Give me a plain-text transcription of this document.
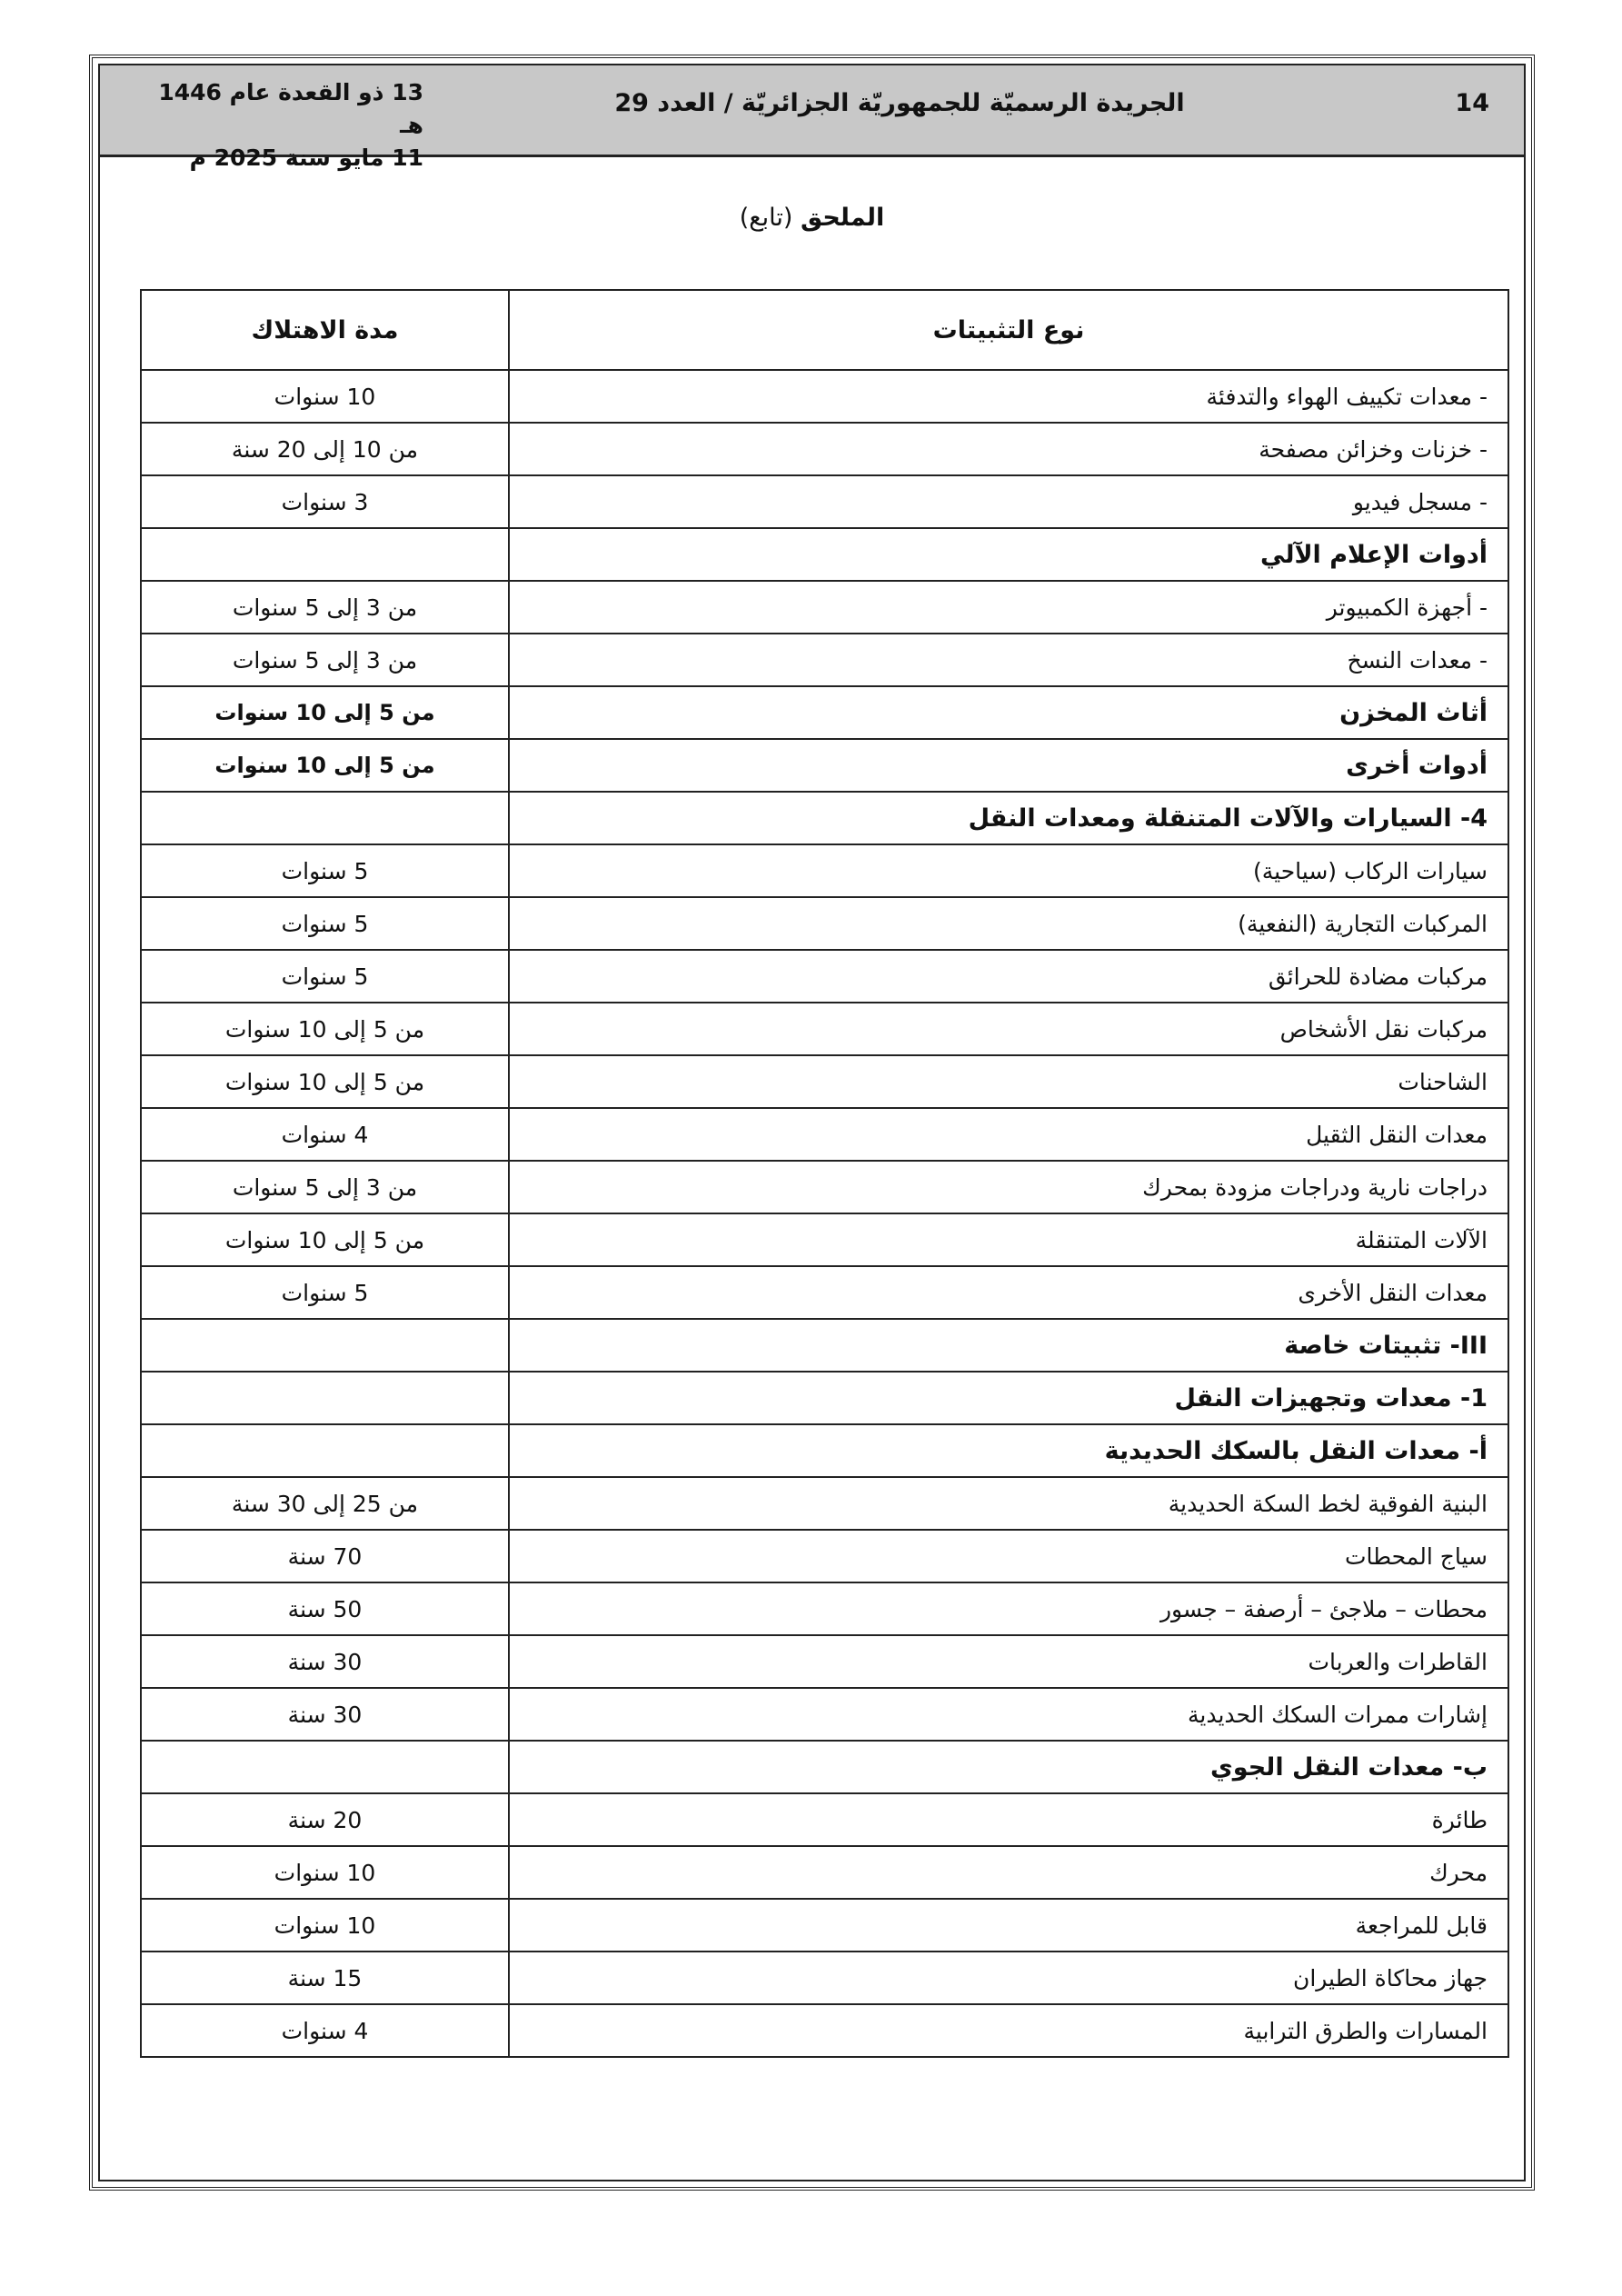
13 ذو القعدة عام 1446 هـ
11 مايو سنة 2025 م
الجريدة الرسميّة للجمهوريّة الجزائريّة / العدد 29	14
الملحق (تابع)
نوع التثبيتات	مدة الاهتلاك
- معدات تكييف الهواء والتدفئة	10 سنوات
- خزنات وخزائن مصفحة	من 10 إلى 20 سنة
- مسجل فيديو	3 سنوات
أدوات الإعلام الآلي	
- أجهزة الكمبيوتر	من 3 إلى 5 سنوات
- معدات النسخ	من 3 إلى 5 سنوات
أثاث المخزن	من 5 إلى 10 سنوات
أدوات أخرى	من 5 إلى 10 سنوات
4- السيارات والآلات المتنقلة ومعدات النقل	
سيارات الركاب (سياحية)	5 سنوات
المركبات التجارية (النفعية)	5 سنوات
مركبات مضادة للحرائق	5 سنوات
مركبات نقل الأشخاص	من 5 إلى 10 سنوات
الشاحنات	من 5 إلى 10 سنوات
معدات النقل الثقيل	4 سنوات
دراجات نارية ودراجات مزودة بمحرك	من 3 إلى 5 سنوات
الآلات المتنقلة	من 5 إلى 10 سنوات
معدات النقل الأخرى	5 سنوات
III- تثبيتات خاصة	
1- معدات وتجهيزات النقل	
أ- معدات النقل بالسكك الحديدية	
البنية الفوقية لخط السكة الحديدية	من 25 إلى 30 سنة
سياج المحطات	70 سنة
محطات – ملاجئ – أرصفة – جسور	50 سنة
القاطرات والعربات	30 سنة
إشارات ممرات السكك الحديدية	30 سنة
ب- معدات النقل الجوي	
طائرة	20 سنة
محرك	10 سنوات
قابل للمراجعة	10 سنوات
جهاز محاكاة الطيران	15 سنة
المسارات والطرق الترابية	4 سنوات
